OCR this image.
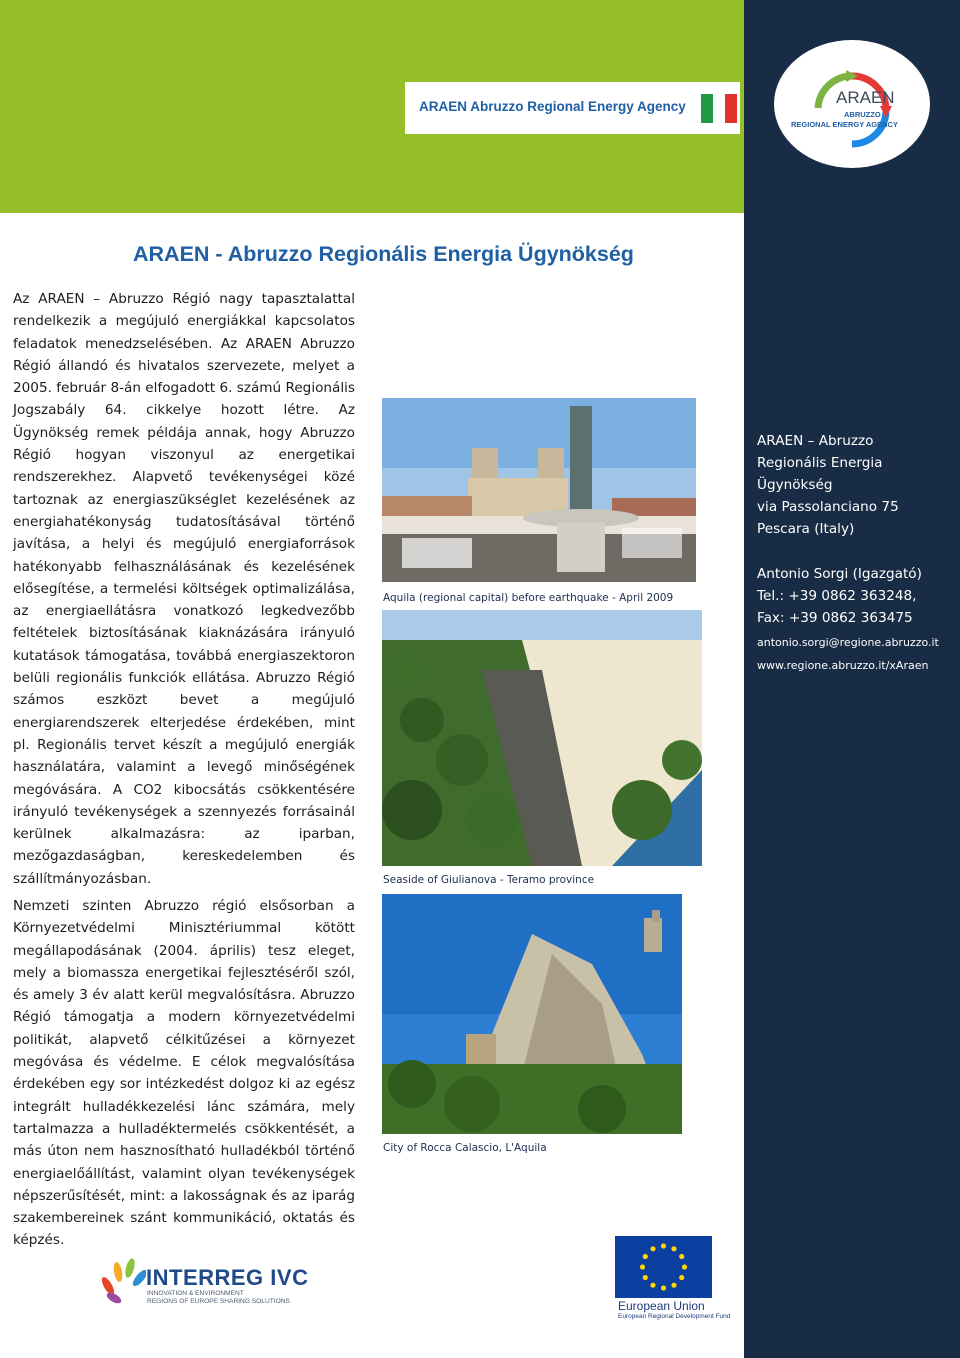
ARAEN Abruzzo Regional Energy Agency	ARAEN
ABRUZZO
REGIONAL ENERGY AGENCY
ARAEN – Abruzzo
Regionális Energia
Ügynökség
via Passolanciano 75
Pescara (Italy)
Antonio Sorgi (Igazgató)
Tel.: +39 0862 363248,
Fax: +39 0862 363475
antonio.sorgi@regione.abruzzo.it
www.regione.abruzzo.it/xAraen
ARAEN - Abruzzo Regionális Energia Ügynökség

Az ARAEN – Abruzzo Régió nagy tapasztalattal rendelkezik a megújuló energiákkal kapcsolatos feladatok menedzselésében. Az ARAEN Abruzzo Régió állandó és hivatalos szervezete, melyet a 2005. február 8-án elfogadott 6. számú Regionális Jogszabály 64. cikkelye hozott létre. Az Ügynökség remek példája annak, hogy Abruzzo Régió hogyan viszonyul az energetikai rendszerekhez. Alapvető tevékenységei közé tartoznak az energiaszükséglet kezelésének az energiahatékonyság tudatosításával történő javítása, a helyi és megújuló energiaforrások hatékonyabb felhasználásának és kezelésének elősegítése, a termelési költségek optimalizálása, az energiaellátásra vonatkozó legkedvezőbb feltételek biztosításának kiaknázására irányuló kutatások támogatása, továbbá energiaszektoron belüli regionális funkciók ellátása. Abruzzo Régió számos eszközt bevet a megújuló energiarendszerek elterjedése érdekében, mint pl. Regionális tervet készít a megújuló energiák használatára, valamint a levegő minőségének megóvására. A CO2 kibocsátás csökkentésére irányuló tevékenységek a szennyezés forrásainál kerülnek alkalmazásra: az iparban, mezőgazdaságban, kereskedelemben és szállítmányozásban.

Nemzeti szinten Abruzzo régió elsősorban a Környezetvédelmi Minisztériummal kötött megállapodásának (2004. április) tesz eleget, mely a biomassza energetikai fejlesztéséről szól, és amely 3 év alatt kerül megvalósításra. Abruzzo Régió támogatja a modern környezetvédelmi politikát, alapvető célkitűzései a környezet megóvása és védelme. E célok megvalósítása érdekében egy sor intézkedést dolgoz ki az egész integrált hulladékkezelési lánc számára, mely tartalmazza a hulladéktermelés csökkentését, a más úton nem hasznosítható hulladékból történő energiaelőállítást, valamint olyan tevékenységek népszerűsítését, mint: a lakosságnak és az iparág szakembereinek szánt kommunikáció, oktatás és képzés.

Aquila (regional capital) before earthquake - April 2009
Seaside of Giulianova - Teramo province
City of Rocca Calascio, L'Aquila
INTERREG IVC
INNOVATION & ENVIRONMENT
REGIONS OF EUROPE SHARING SOLUTIONS	European Union
European Regional Development Fund
